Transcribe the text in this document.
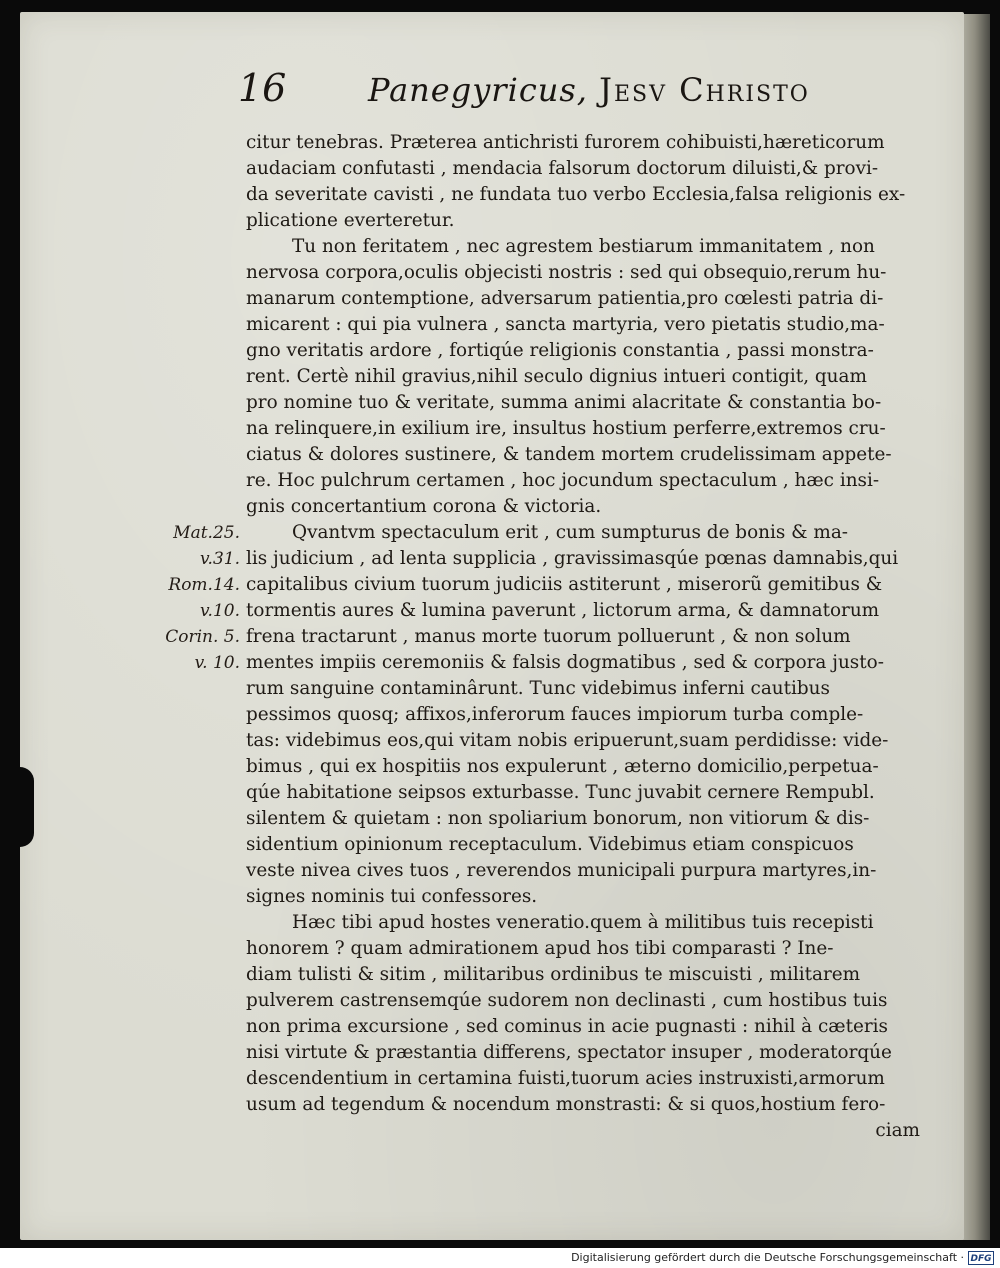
16	Panegyricus, Jesv Christo
Mat.25.
v.31.
Rom.14.
v.10.
Corin. 5.
v. 10.
citur tenebras. Præterea antichristi furorem cohibuisti,hæreticorum
audaciam confutasti , mendacia falsorum doctorum diluisti,& provi-
da severitate cavisti , ne fundata tuo verbo Ecclesia,falsa religionis ex-
plicatione everteretur.
Tu non feritatem , nec agrestem bestiarum immanitatem , non
nervosa corpora,oculis objecisti nostris : sed qui obsequio,rerum hu-
manarum contemptione, adversarum patientia,pro cœlesti patria di-
micarent : qui pia vulnera , sancta martyria, vero pietatis studio,ma-
gno veritatis ardore , fortiqúe religionis constantia , passi monstra-
rent. Certè nihil gravius,nihil seculo dignius intueri contigit, quam
pro nomine tuo & veritate, summa animi alacritate & constantia bo-
na relinquere,in exilium ire, insultus hostium perferre,extremos cru-
ciatus & dolores sustinere, & tandem mortem crudelissimam appete-
re. Hoc pulchrum certamen , hoc jocundum spectaculum , hæc insi-
gnis concertantium corona & victoria.
Qvantvm spectaculum erit , cum sumpturus de bonis & ma-
lis judicium , ad lenta supplicia , gravissimasqúe pœnas damnabis,qui
capitalibus civium tuorum judiciis astiterunt , miserorũ gemitibus &
tormentis aures & lumina paverunt , lictorum arma, & damnatorum
frena tractarunt , manus morte tuorum polluerunt , & non solum
mentes impiis ceremoniis & falsis dogmatibus , sed & corpora justo-
rum sanguine contaminârunt. Tunc videbimus inferni cautibus
pessimos quosq; affixos,inferorum fauces impiorum turba comple-
tas: videbimus eos,qui vitam nobis eripuerunt,suam perdidisse: vide-
bimus , qui ex hospitiis nos expulerunt , æterno domicilio,perpetua-
qúe habitatione seipsos exturbasse. Tunc juvabit cernere Rempubl.
silentem & quietam : non spoliarium bonorum, non vitiorum & dis-
sidentium opinionum receptaculum. Videbimus etiam conspicuos
veste nivea cives tuos , reverendos municipali purpura martyres,in-
signes nominis tui confessores.
Hæc tibi apud hostes veneratio.quem à militibus tuis recepisti
honorem ? quam admirationem apud hos tibi comparasti ? Ine-
diam tulisti & sitim , militaribus ordinibus te miscuisti , militarem
pulverem castrensemqúe sudorem non declinasti , cum hostibus tuis
non prima excursione , sed cominus in acie pugnasti : nihil à cæteris
nisi virtute & præstantia differens, spectator insuper , moderatorqúe
descendentium in certamina fuisti,tuorum acies instruxisti,armorum
usum ad tegendum & nocendum monstrasti: & si quos,hostium fero-
ciam
Digitalisierung gefördert durch die Deutsche Forschungsgemeinschaft · DFG
